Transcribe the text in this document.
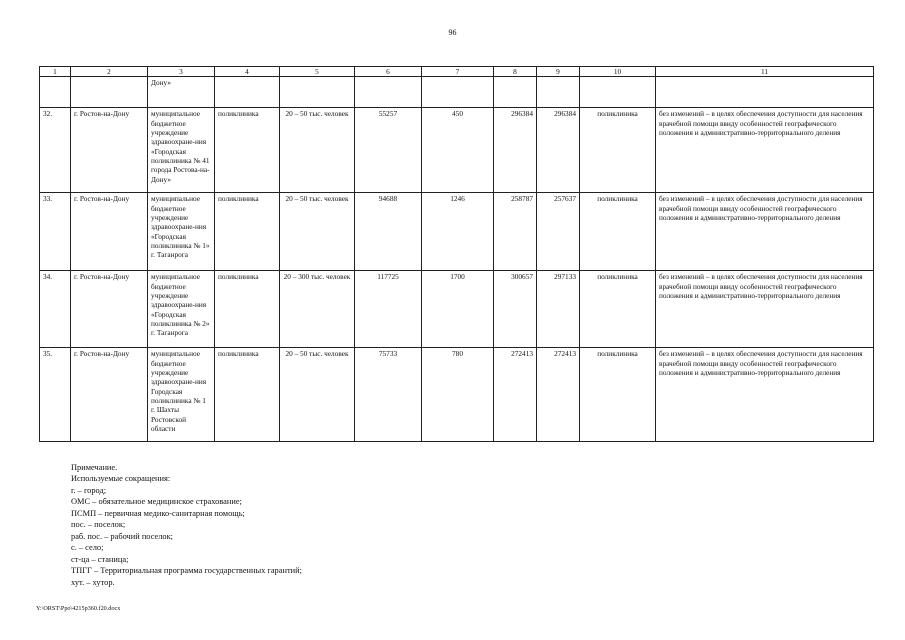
96
1	2	3	4	5	6	7	8	9	10	11
		Дону»								
32.	г. Ростов-на-Дону	муниципальное бюджетное учреждение здравоохране-ния «Городская поликлиника № 41 города Ростова-на-Дону»	поликлиника	20 – 50 тыс. человек	55257	450	296384	296384	поликлиника	без изменений – в целях обеспечения доступности для населения врачебной помощи ввиду особенностей географического положения и административно-территориального деления
33.	г. Ростов-на-Дону	муниципальное бюджетное учреждение здравоохране-ния «Городская поликлиника № 1» г. Таганрога	поликлиника	20 – 50 тыс. человек	94688	1246	258787	257637	поликлиника	без изменений – в целях обеспечения доступности для населения врачебной помощи ввиду особенностей географического положения и административно-территориального деления
34.	г. Ростов-на-Дону	муниципальное бюджетное учреждение здравоохране-ния «Городская поликлиника № 2» г. Таганрога	поликлиника	20 – 300 тыс. человек	117725	1700	300657	297133	поликлиника	без изменений – в целях обеспечения доступности для населения врачебной помощи ввиду особенностей географического положения и административно-территориального деления
35.	г. Ростов-на-Дону	муниципальное бюджетное учреждение здравоохране-ния Городская поликлиника № 1 г. Шахты Ростовской области	поликлиника	20 – 50 тыс. человек	75733	780	272413	272413	поликлиника	без изменений – в целях обеспечения доступности для населения врачебной помощи ввиду особенностей географического положения и административно-территориального деления
Примечание.
Используемые сокращения:
г. – город;
ОМС – обязательное медицинское страхование;
ПСМП – первичная медико-санитарная помощь;
пос. – поселок;
раб. пос. – рабочий поселок;
с. – село;
ст-ца – станица;
ТПГГ – Территориальная программа государственных гарантий;
хут. – хутор.
Y:\ORST\Ppo\4215p360.f20.docx
